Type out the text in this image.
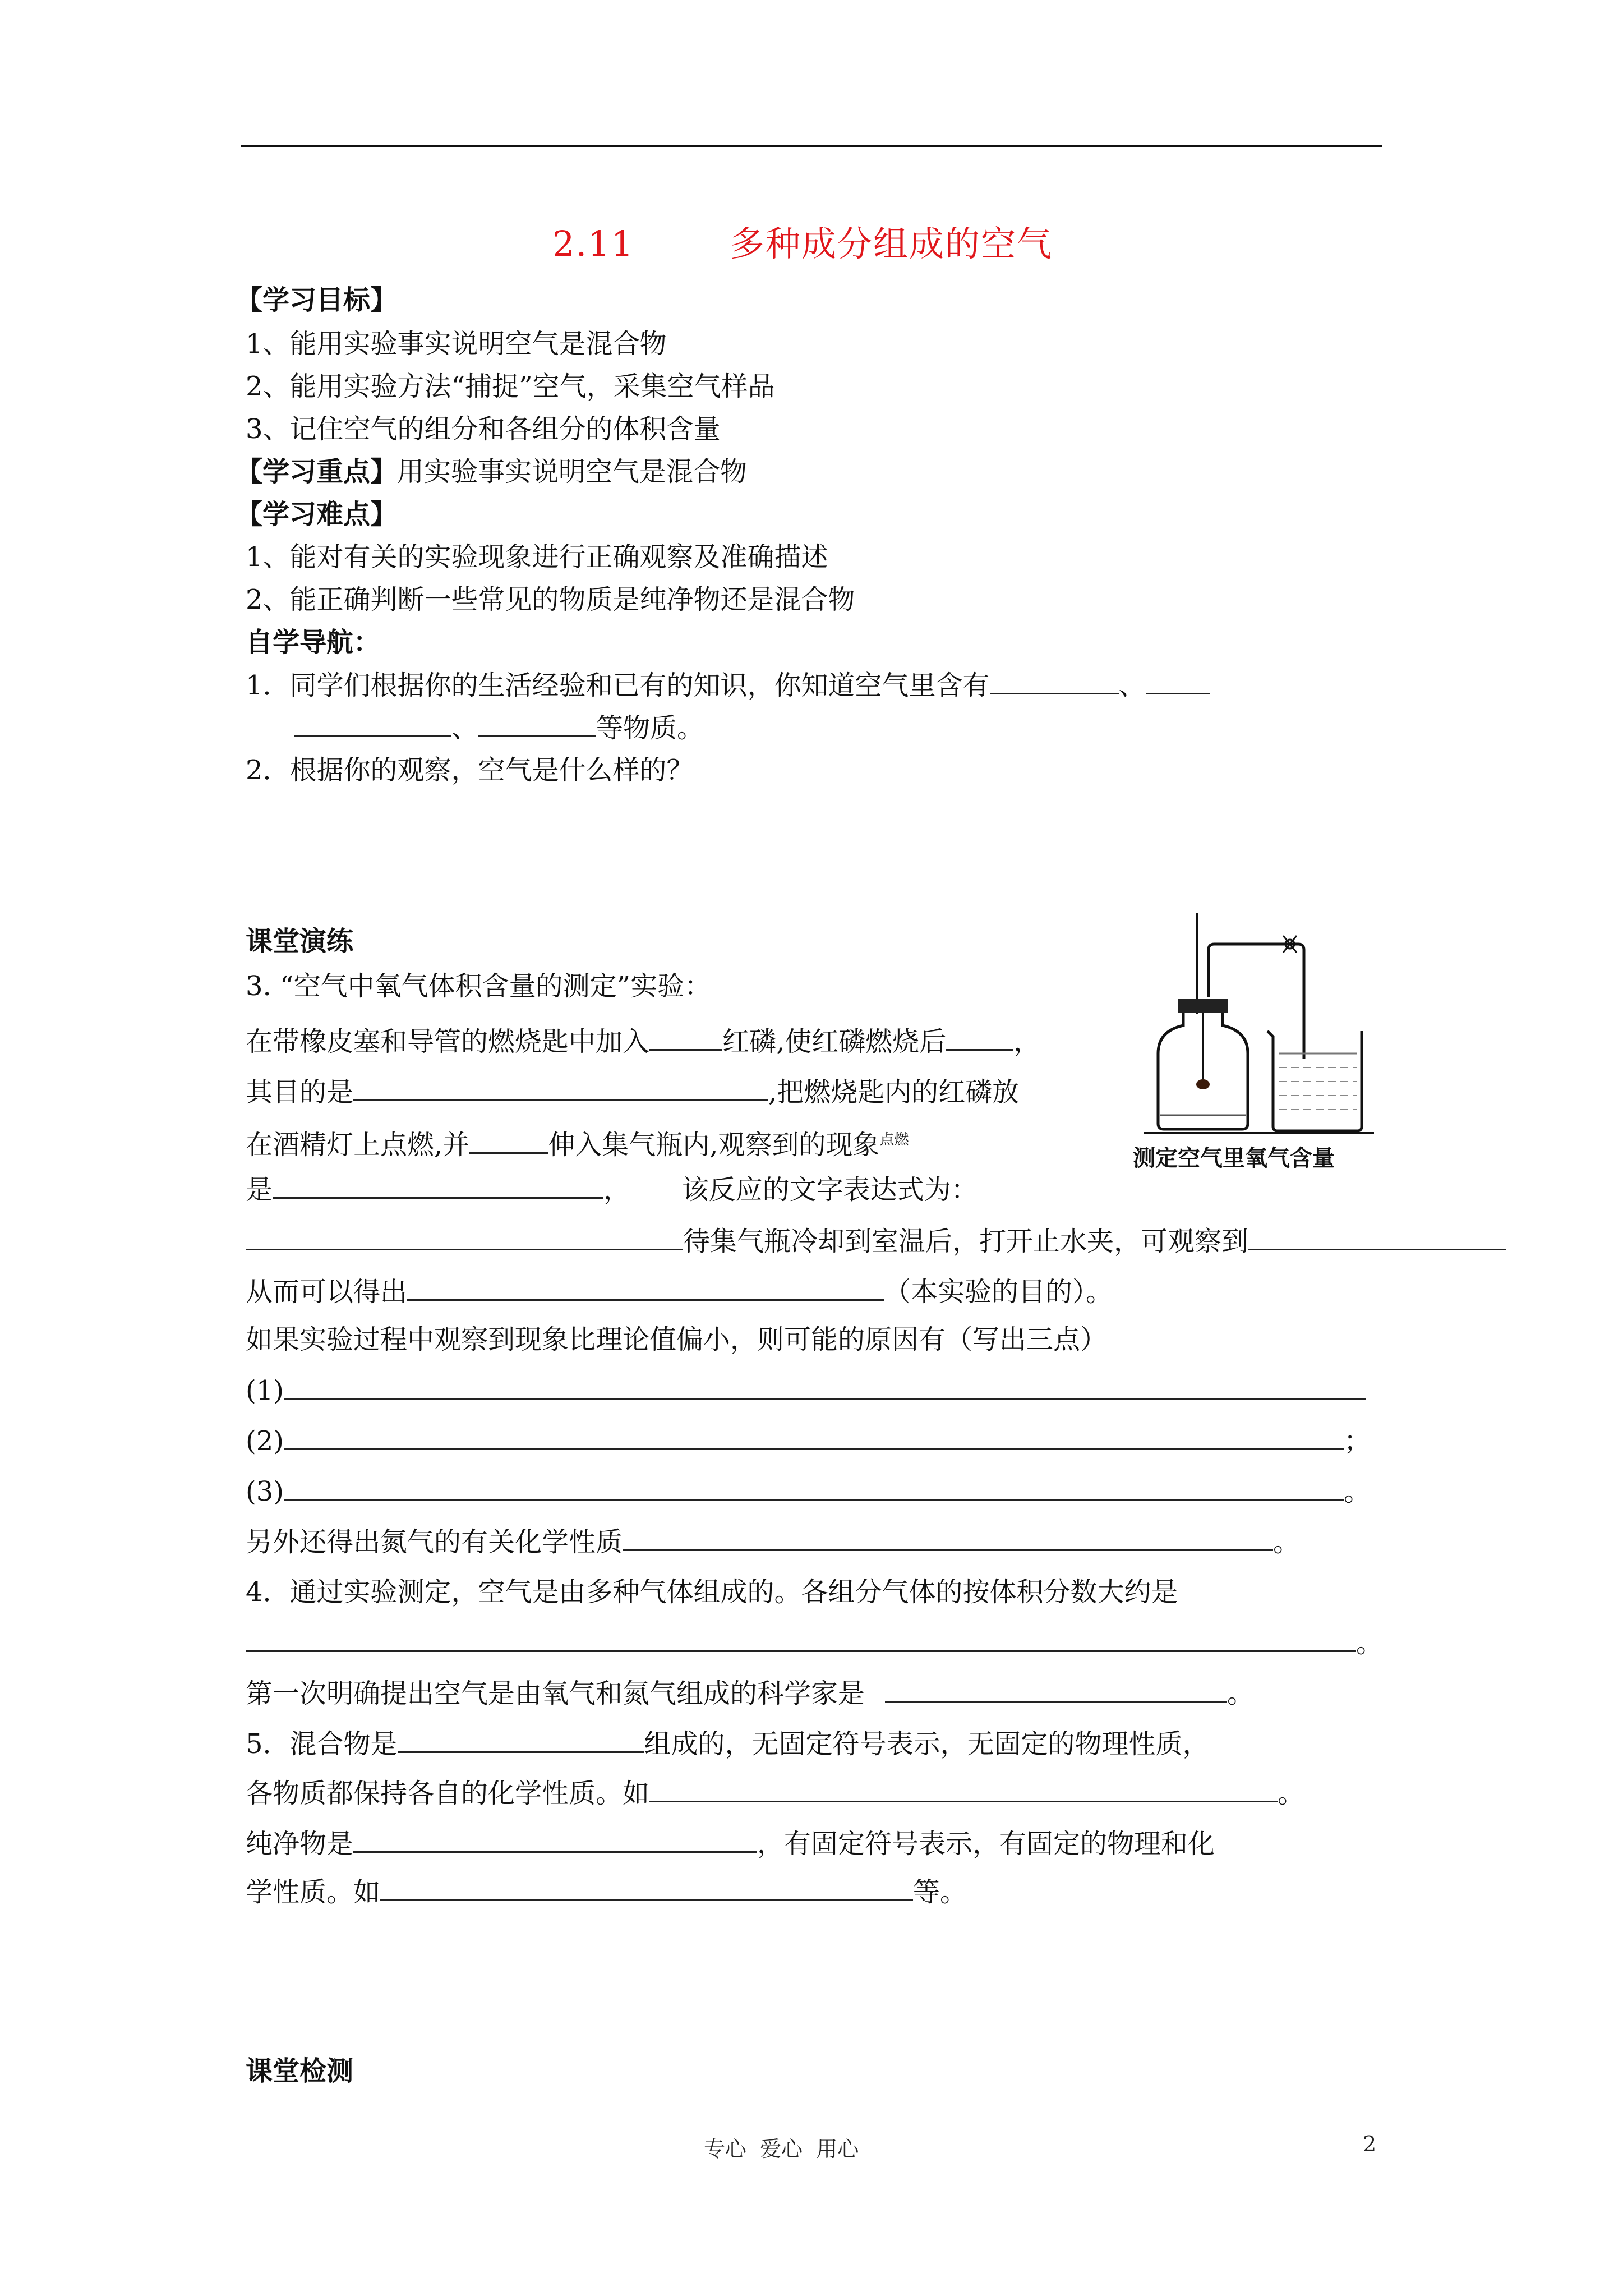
2.11	多种成分组成的空气
【学习目标】
1、能用实验事实说明空气是混合物
2、能用实验方法“捕捉”空气，采集空气样品
3、记住空气的组分和各组分的体积含量
【学习重点】用实验事实说明空气是混合物
【学习难点】
1、能对有关的实验现象进行正确观察及准确描述
2、能正确判断一些常见的物质是纯净物还是混合物
自学导航：
1．同学们根据你的生活经验和已有的知识，你知道空气里含有	、
、	等物质。
2．根据你的观察，空气是什么样的？
课堂演练
3. “空气中氧气体积含量的测定”实验：
在带橡皮塞和导管的燃烧匙中加入	红磷,使红磷燃烧后	，
其目的是	,把燃烧匙内的红磷放
在酒精灯上点燃,并	伸入集气瓶内,观察到的现象$^{点燃}$
是	，      该反应的文字表达式为：
待集气瓶冷却到室温后，打开止水夹，可观察到
从而可以得出	（本实验的目的）。
如果实验过程中观察到现象比理论值偏小，则可能的原因有（写出三点）
(1)
(2)	；
(3)	。
另外还得出氮气的有关化学性质	。
4．通过实验测定，空气是由多种气体组成的。各组分气体的按体积分数大约是
。
第一次明确提出空气是由氧气和氮气组成的科学家是	。
5．混合物是	组成的，无固定符号表示，无固定的物理性质，
各物质都保持各自的化学性质。如	。
纯净物是	，有固定符号表示，有固定的物理和化
学性质。如	等。
测定空气里氧气含量
课堂检测
专心  爱心  用心	2
